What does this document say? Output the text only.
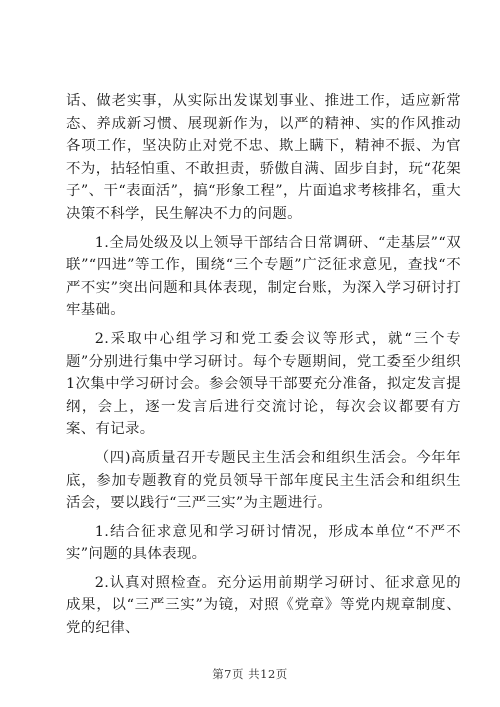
话、做老实事，从实际出发谋划事业、推进工作，适应新常态、养成新习惯、展现新作为，以严的精神、实的作风推动各项工作，坚决防止对党不忠、欺上瞒下，精神不振、为官不为，拈轻怕重、不敢担责，骄傲自满、固步自封，玩“花架子”、干“表面活”，搞“形象工程”，片面追求考核排名，重大决策不科学，民生解决不力的问题。

1.全局处级及以上领导干部结合日常调研、“走基层”“双联”“四进”等工作，围绕“三个专题”广泛征求意见，查找“不严不实”突出问题和具体表现，制定台账，为深入学习研讨打牢基础。

2.采取中心组学习和党工委会议等形式，就“三个专题”分别进行集中学习研讨。每个专题期间，党工委至少组织1次集中学习研讨会。参会领导干部要充分准备，拟定发言提纲，会上，逐一发言后进行交流讨论，每次会议都要有方案、有记录。

（四)高质量召开专题民主生活会和组织生活会。今年年底，参加专题教育的党员领导干部年度民主生活会和组织生活会，要以践行“三严三实”为主题进行。

1.结合征求意见和学习研讨情况，形成本单位“不严不实”问题的具体表现。

2.认真对照检查。充分运用前期学习研讨、征求意见的成果，以“三严三实”为镜，对照《党章》等党内规章制度、党的纪律、

第7页 共12页
